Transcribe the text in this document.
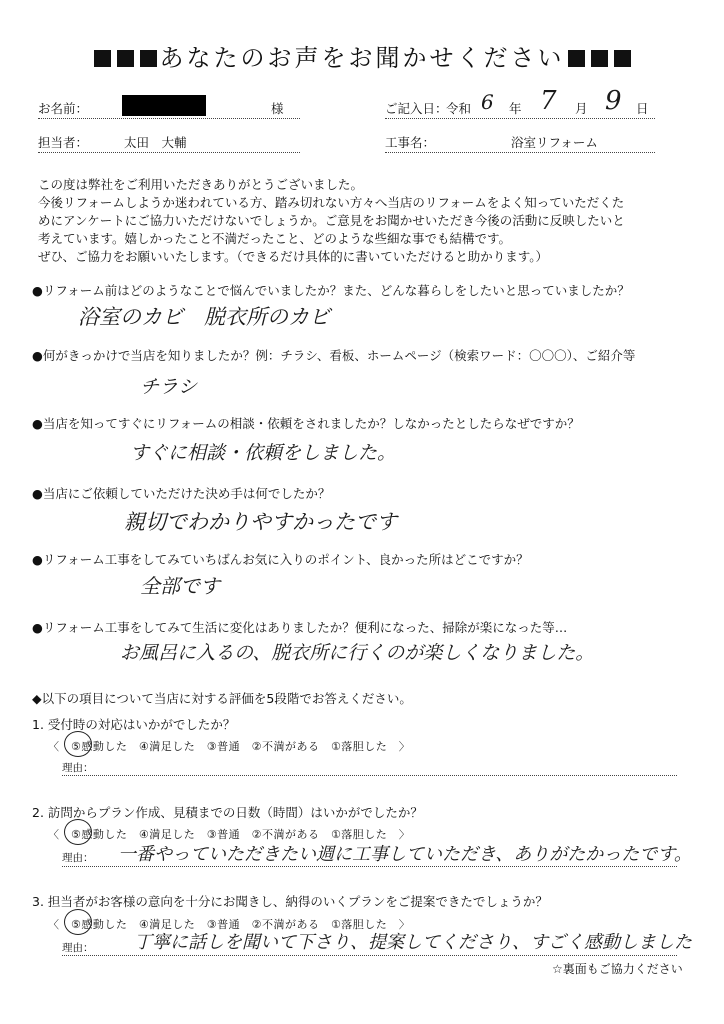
あなたのお声をお聞かせください
お名前：	様	ご記入日：
令和 6 年 7 月 9 日
担当者：	太田　大輔	工事名：	浴室リフォーム
この度は弊社をご利用いただきありがとうございました。
今後リフォームしようか迷われている方、踏み切れない方々へ当店のリフォームをよく知っていただくた
めにアンケートにご協力いただけないでしょうか。ご意見をお聞かせいただき今後の活動に反映したいと
考えています。嬉しかったこと不満だったこと、どのような些細な事でも結構です。
ぜひ、ご協力をお願いいたします。（できるだけ具体的に書いていただけると助かります。）
●リフォーム前はどのようなことで悩んでいましたか？また、どんな暮らしをしたいと思っていましたか？
浴室のカビ　脱衣所のカビ
●何がきっかけで当店を知りましたか？例：チラシ、看板、ホームページ（検索ワード：〇〇〇）、ご紹介等
チラシ
●当店を知ってすぐにリフォームの相談・依頼をされましたか？しなかったとしたらなぜですか？
すぐに相談・依頼をしました。
●当店にご依頼していただけた決め手は何でしたか？
親切でわかりやすかったです
●リフォーム工事をしてみていちばんお気に入りのポイント、良かった所はどこですか？
全部です
●リフォーム工事をしてみて生活に変化はありましたか？便利になった、掃除が楽になった等…
お風呂に入るの、脱衣所に行くのが楽しくなりました。
◆以下の項目について当店に対する評価を5段階でお答えください。
1. 受付時の対応はいかがでしたか？
〈　⑤感動した　④満足した　③普通　②不満がある　①落胆した　〉
理由：
2. 訪問からプラン作成、見積までの日数（時間）はいかがでしたか？
〈　⑤感動した　④満足した　③普通　②不満がある　①落胆した　〉
理由： 一番やっていただきたい週に工事していただき、ありがたかったです。
3. 担当者がお客様の意向を十分にお聞きし、納得のいくプランをご提案できたでしょうか？
〈　⑤感動した　④満足した　③普通　②不満がある　①落胆した　〉
理由： 丁寧に話しを聞いて下さり、提案してくださり、すごく感動しました
☆裏面もご協力ください
